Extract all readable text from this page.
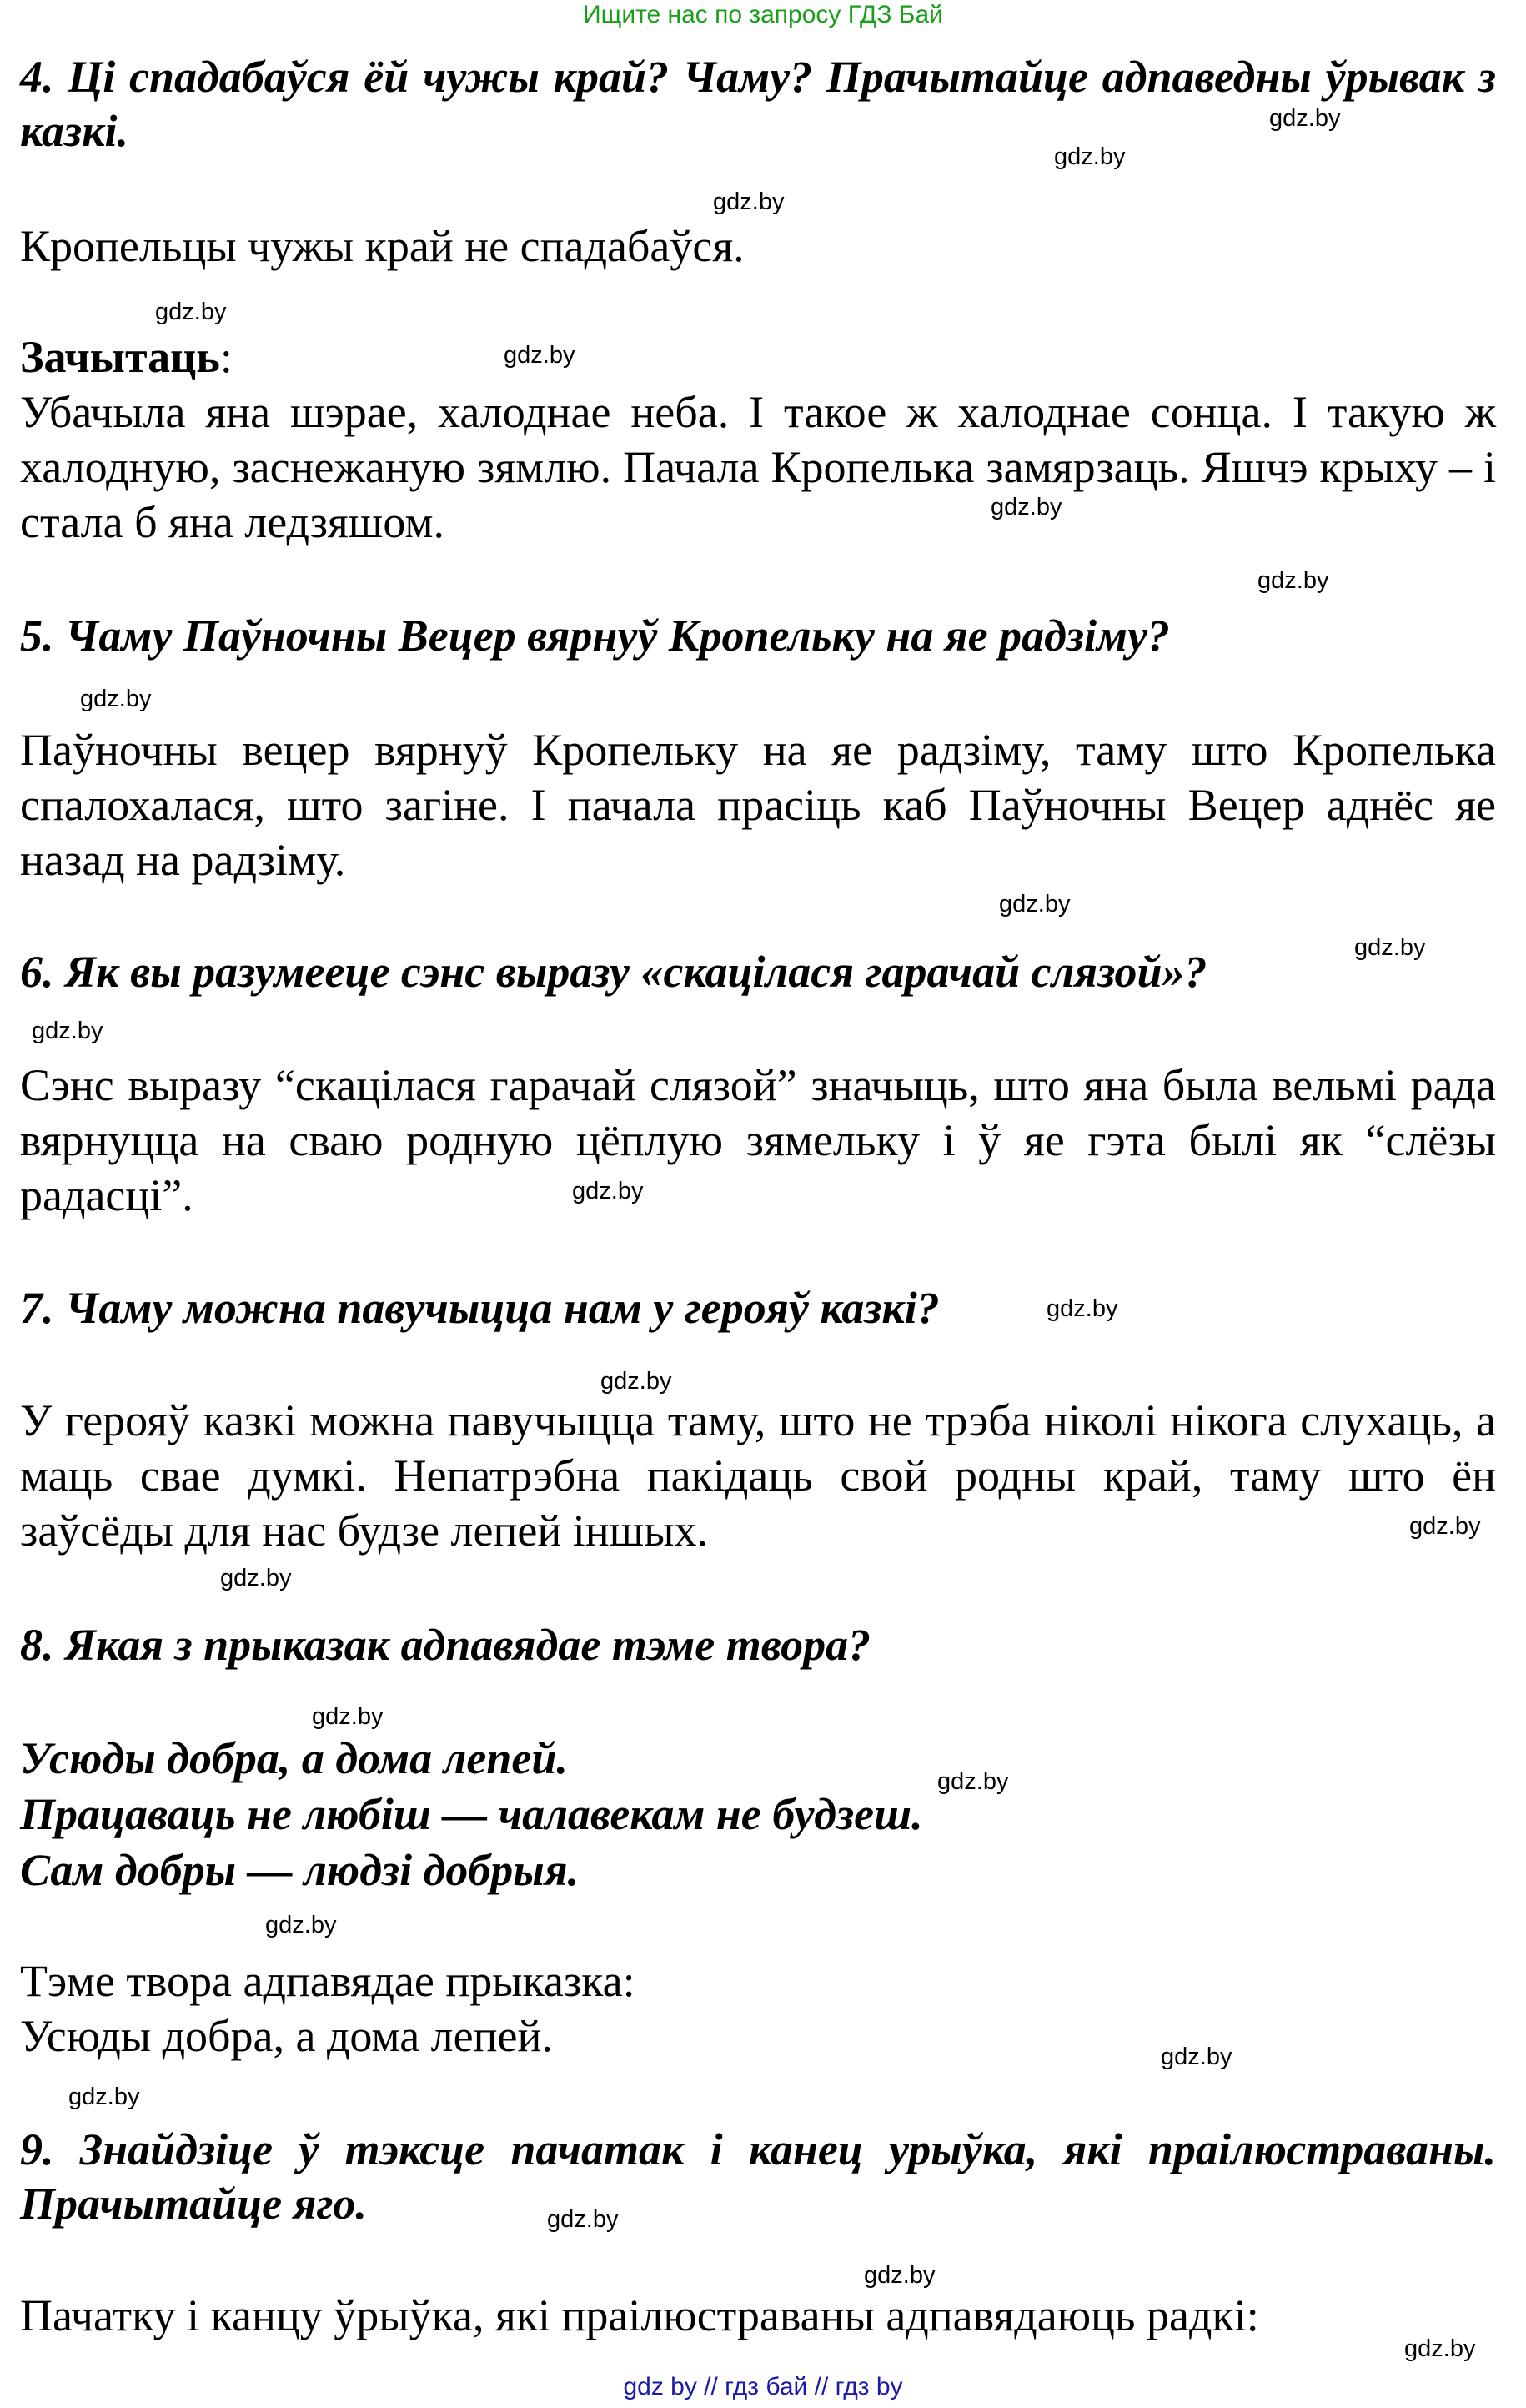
Ищите нас по запросу ГДЗ Бай
4. Ці спадабаўся ёй чужы край? Чаму? Прачытайце адпаведны ўрывак з казкі.
Кропельцы чужы край не спадабаўся.
Зачытаць:
Убачыла яна шэрае, халоднае неба. І такое ж халоднае сонца. І такую ж халодную, заснежаную зямлю. Пачала Кропелька замярзаць. Яшчэ крыху – і стала б яна ледзяшом.
5. Чаму Паўночны Вецер вярнуў Кропельку на яе радзіму?
Паўночны вецер вярнуў Кропельку на яе радзіму, таму што Кропелька спалохалася, што загіне. І пачала прасіць каб Паўночны Вецер аднёс яе назад на радзіму.
6. Як вы разумееце сэнс выразу «скацілася гарачай слязой»?
Сэнс выразу “скацілася гарачай слязой” значыць, што яна была вельмі рада вярнуцца на сваю родную цёплую зямельку і ў яе гэта былі як “слёзы радасці”.
7. Чаму можна павучыцца нам у герояў казкі?
У герояў казкі можна павучыцца таму, што не трэба ніколі нікога слухаць, а маць свае думкі. Непатрэбна пакідаць свой родны край, таму што ён заўсёды для нас будзе лепей іншых.
8. Якая з прыказак адпавядае тэме твора?
Усюды добра, а дома лепей.
Працаваць не любіш — чалавекам не будзеш.
Сам добры — людзі добрыя.
Тэме твора адпавядае прыказка:
Усюды добра, а дома лепей.
9. Знайдзіце ў тэксце пачатак і канец урыўка, які праілюстраваны. Прачытайце яго.
Пачатку і канцу ўрыўка, які праілюстраваны адпавядаюць радкі:
gdz.by
gdz.by
gdz.by
gdz.by
gdz.by
gdz.by
gdz.by
gdz.by
gdz.by
gdz.by
gdz.by
gdz.by
gdz.by
gdz.by
gdz.by
gdz.by
gdz.by
gdz.by
gdz.by
gdz.by
gdz.by
gdz.by
gdz.by
gdz.by
gdz by // гдз бай // гдз by
